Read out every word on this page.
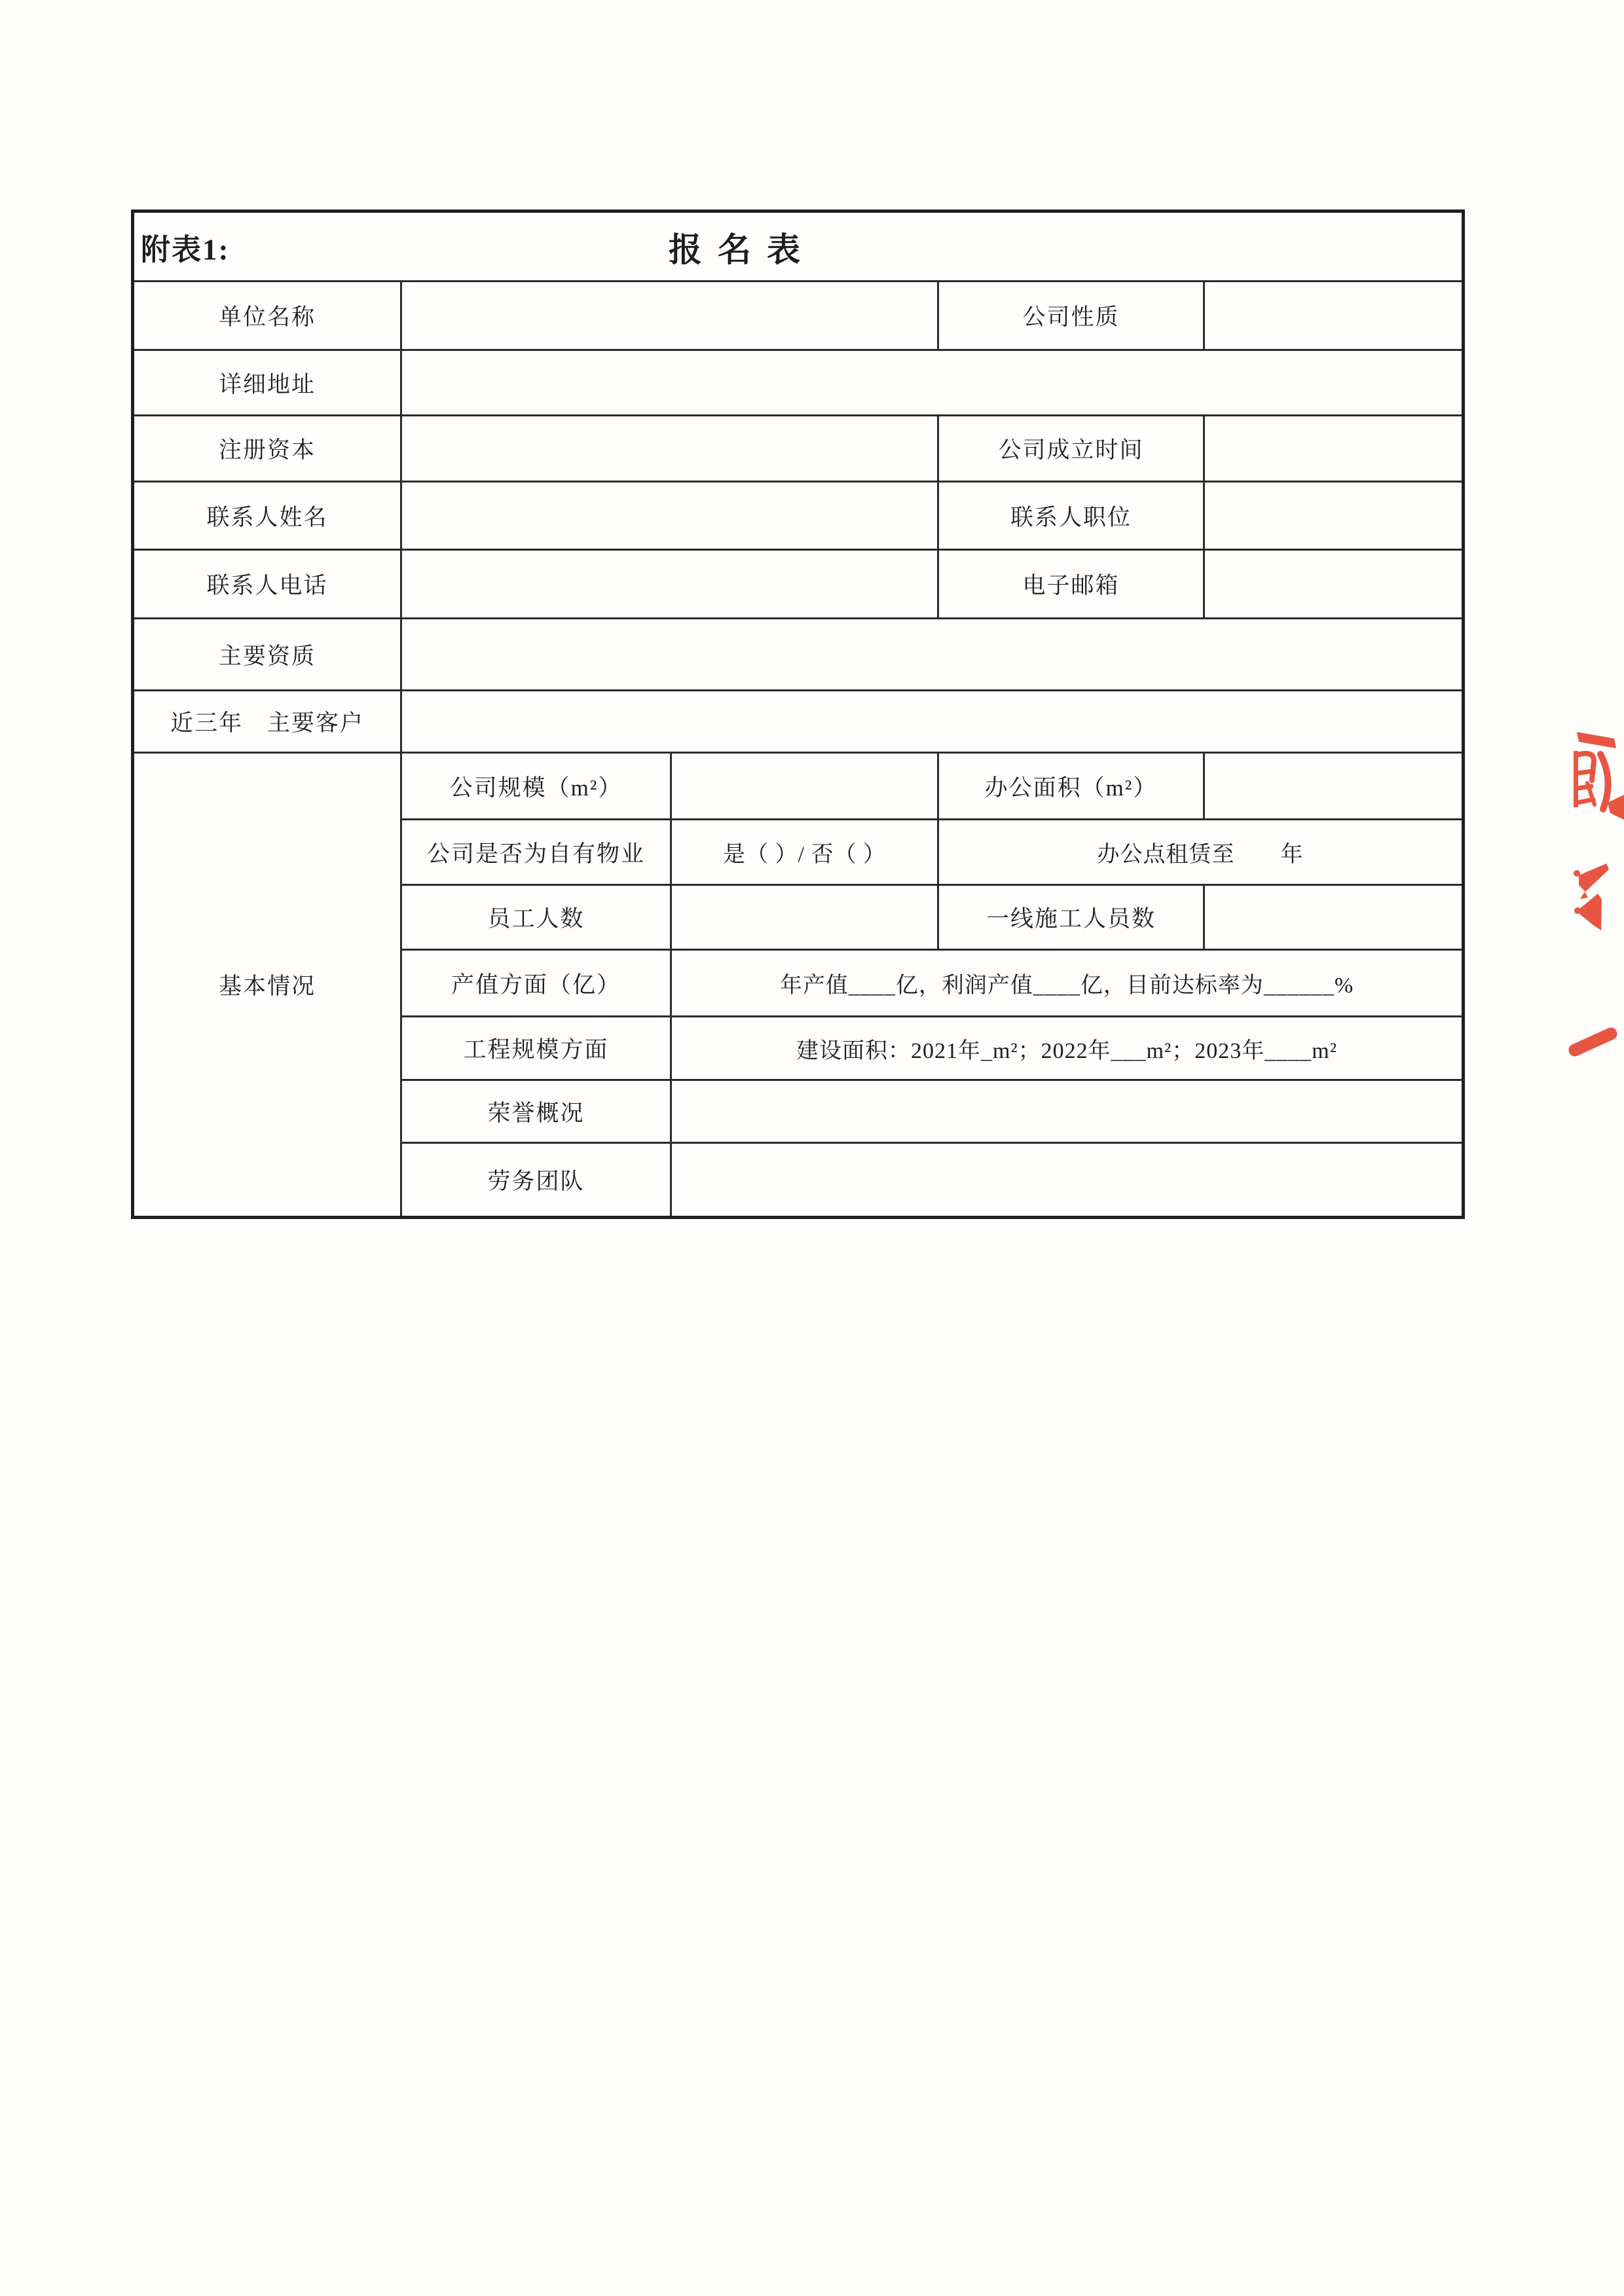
附表1: 报名表				

单位名称			公司性质	
详细地址				
注册资本			公司成立时间	
联系人姓名			联系人职位	
联系人电话			电子邮箱	
主要资质				
近三年　主要客户				
基本情况	公司规模（m²）		办公面积（m²）	
	公司是否为自有物业	是（ ）/ 否（ ）	办公点租赁至　　年	
	员工人数		一线施工人员数	
	产值方面（亿）	年产值____亿，利润产值____亿，目前达标率为______%		
	工程规模方面	建设面积：2021年_m²；2022年___m²；2023年____m²		
	荣誉概况			
	劳务团队			
